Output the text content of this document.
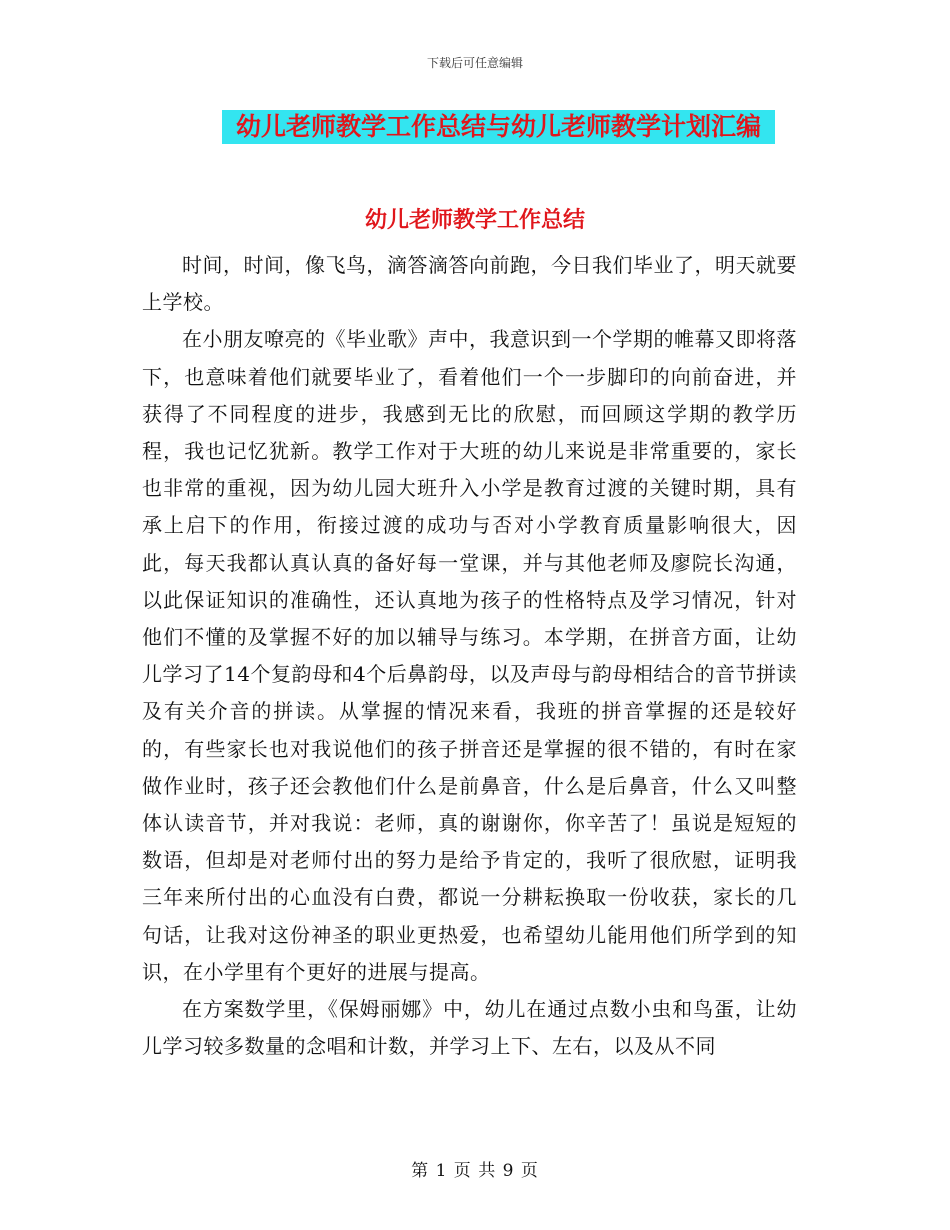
下载后可任意编辑
幼儿老师教学工作总结与幼儿老师教学计划汇编
幼儿老师教学工作总结

时间，时间，像飞鸟，滴答滴答向前跑，今日我们毕业了，明天就要上学校。

在小朋友嘹亮的《毕业歌》声中，我意识到一个学期的帷幕又即将落下，也意味着他们就要毕业了，看着他们一个一步脚印的向前奋进，并获得了不同程度的进步，我感到无比的欣慰，而回顾这学期的教学历程，我也记忆犹新。教学工作对于大班的幼儿来说是非常重要的，家长也非常的重视，因为幼儿园大班升入小学是教育过渡的关键时期，具有承上启下的作用，衔接过渡的成功与否对小学教育质量影响很大，因此，每天我都认真认真的备好每一堂课，并与其他老师及廖院长沟通，以此保证知识的准确性，还认真地为孩子的性格特点及学习情况，针对他们不懂的及掌握不好的加以辅导与练习。本学期，在拼音方面，让幼儿学习了14个复韵母和4个后鼻韵母，以及声母与韵母相结合的音节拼读及有关介音的拼读。从掌握的情况来看，我班的拼音掌握的还是较好的，有些家长也对我说他们的孩子拼音还是掌握的很不错的，有时在家做作业时，孩子还会教他们什么是前鼻音，什么是后鼻音，什么又叫整体认读音节，并对我说：老师，真的谢谢你，你辛苦了！虽说是短短的数语，但却是对老师付出的努力是给予肯定的，我听了很欣慰，证明我三年来所付出的心血没有白费，都说一分耕耘换取一份收获，家长的几句话，让我对这份神圣的职业更热爱，也希望幼儿能用他们所学到的知识，在小学里有个更好的进展与提高。

在方案数学里，《保姆丽娜》中，幼儿在通过点数小虫和鸟蛋，让幼儿学习较多数量的念唱和计数，并学习上下、左右，以及从不同

第 1 页 共 9 页
